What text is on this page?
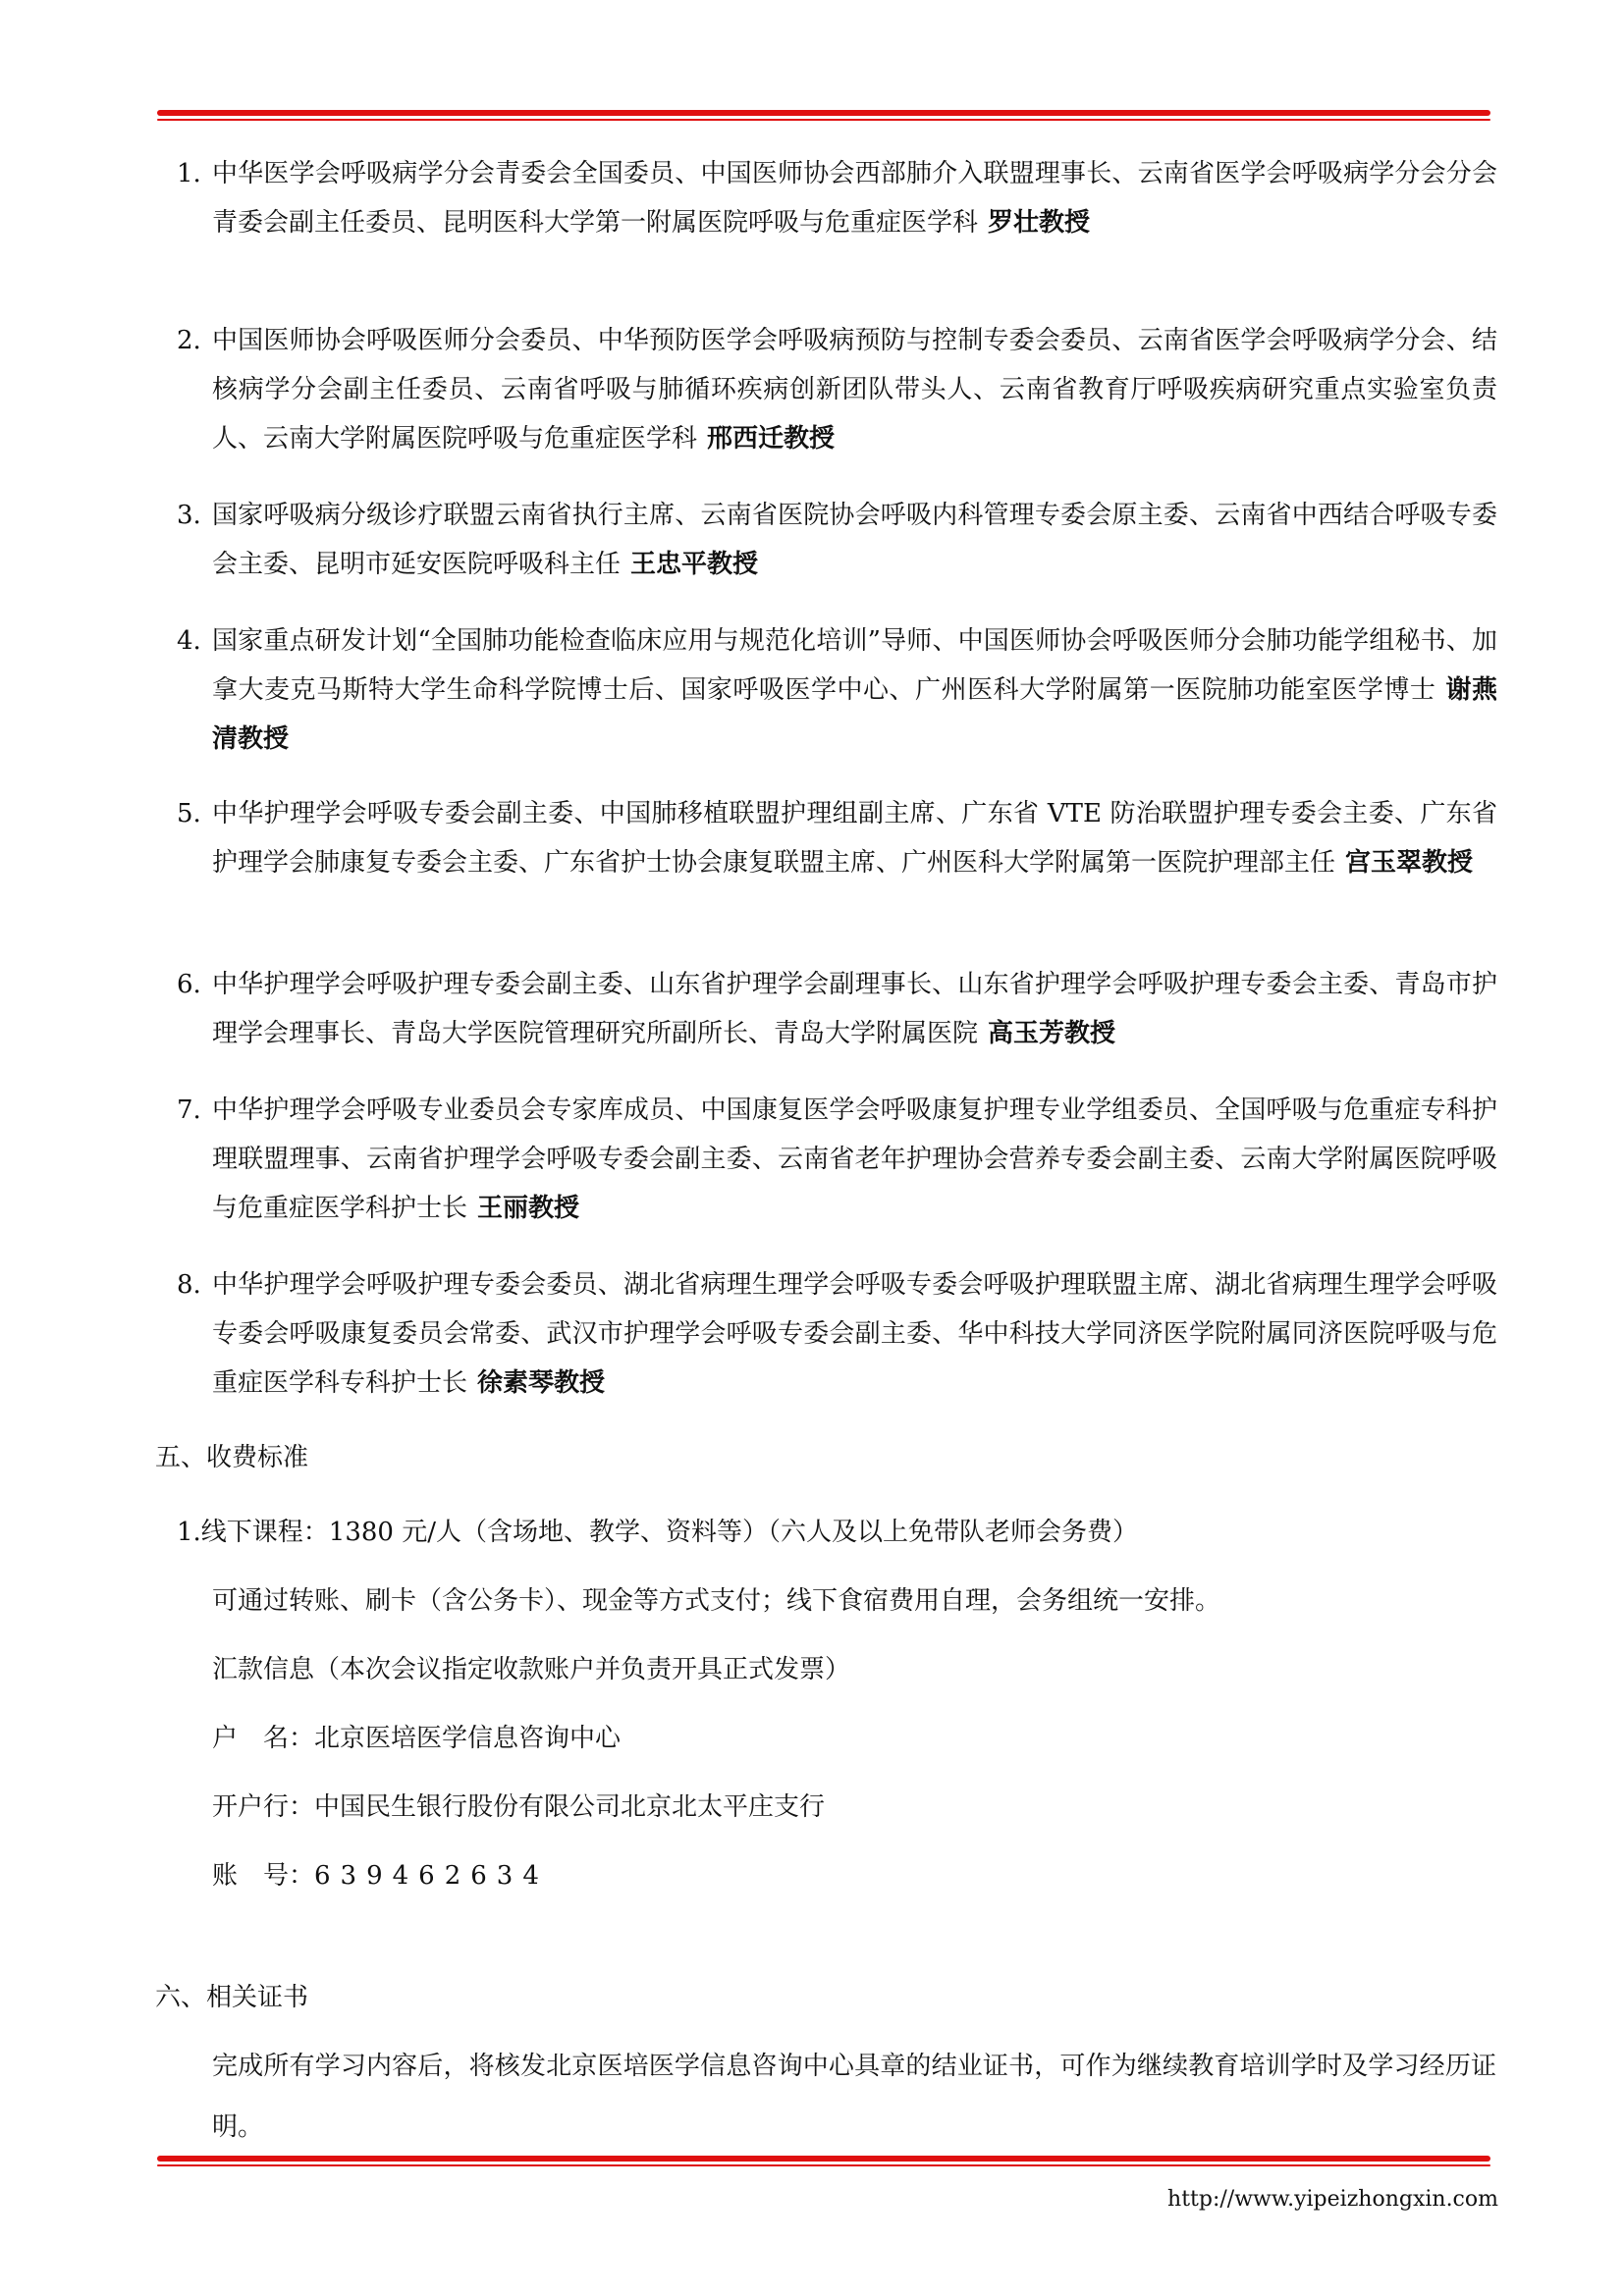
1. 中华医学会呼吸病学分会青委会全国委员、中国医师协会西部肺介入联盟理事长、云南省医学会呼吸病学分会分会青委会副主任委员、昆明医科大学第一附属医院呼吸与危重症医学科 罗壮教授
2. 中国医师协会呼吸医师分会委员、中华预防医学会呼吸病预防与控制专委会委员、云南省医学会呼吸病学分会、结核病学分会副主任委员、云南省呼吸与肺循环疾病创新团队带头人、云南省教育厅呼吸疾病研究重点实验室负责人、云南大学附属医院呼吸与危重症医学科 邢西迁教授
3. 国家呼吸病分级诊疗联盟云南省执行主席、云南省医院协会呼吸内科管理专委会原主委、云南省中西结合呼吸专委会主委、昆明市延安医院呼吸科主任 王忠平教授
4. 国家重点研发计划“全国肺功能检查临床应用与规范化培训”导师、中国医师协会呼吸医师分会肺功能学组秘书、加拿大麦克马斯特大学生命科学院博士后、国家呼吸医学中心、广州医科大学附属第一医院肺功能室医学博士 谢燕清教授
5. 中华护理学会呼吸专委会副主委、中国肺移植联盟护理组副主席、广东省 VTE 防治联盟护理专委会主委、广东省护理学会肺康复专委会主委、广东省护士协会康复联盟主席、广州医科大学附属第一医院护理部主任 宫玉翠教授
6. 中华护理学会呼吸护理专委会副主委、山东省护理学会副理事长、山东省护理学会呼吸护理专委会主委、青岛市护理学会理事长、青岛大学医院管理研究所副所长、青岛大学附属医院 高玉芳教授
7. 中华护理学会呼吸专业委员会专家库成员、中国康复医学会呼吸康复护理专业学组委员、全国呼吸与危重症专科护理联盟理事、云南省护理学会呼吸专委会副主委、云南省老年护理协会营养专委会副主委、云南大学附属医院呼吸与危重症医学科护士长 王丽教授
8. 中华护理学会呼吸护理专委会委员、湖北省病理生理学会呼吸专委会呼吸护理联盟主席、湖北省病理生理学会呼吸专委会呼吸康复委员会常委、武汉市护理学会呼吸专委会副主委、华中科技大学同济医学院附属同济医院呼吸与危重症医学科专科护士长 徐素琴教授
五、收费标准
1.线下课程：1380 元/人（含场地、教学、资料等）（六人及以上免带队老师会务费）
可通过转账、刷卡（含公务卡）、现金等方式支付；线下食宿费用自理，会务组统一安排。
汇款信息（本次会议指定收款账户并负责开具正式发票）
户　名：北京医培医学信息咨询中心
开户行：中国民生银行股份有限公司北京北太平庄支行
账　号：639462634
六、相关证书
完成所有学习内容后，将核发北京医培医学信息咨询中心具章的结业证书，可作为继续教育培训学时及学习经历证明。
http://www.yipeizhongxin.com
